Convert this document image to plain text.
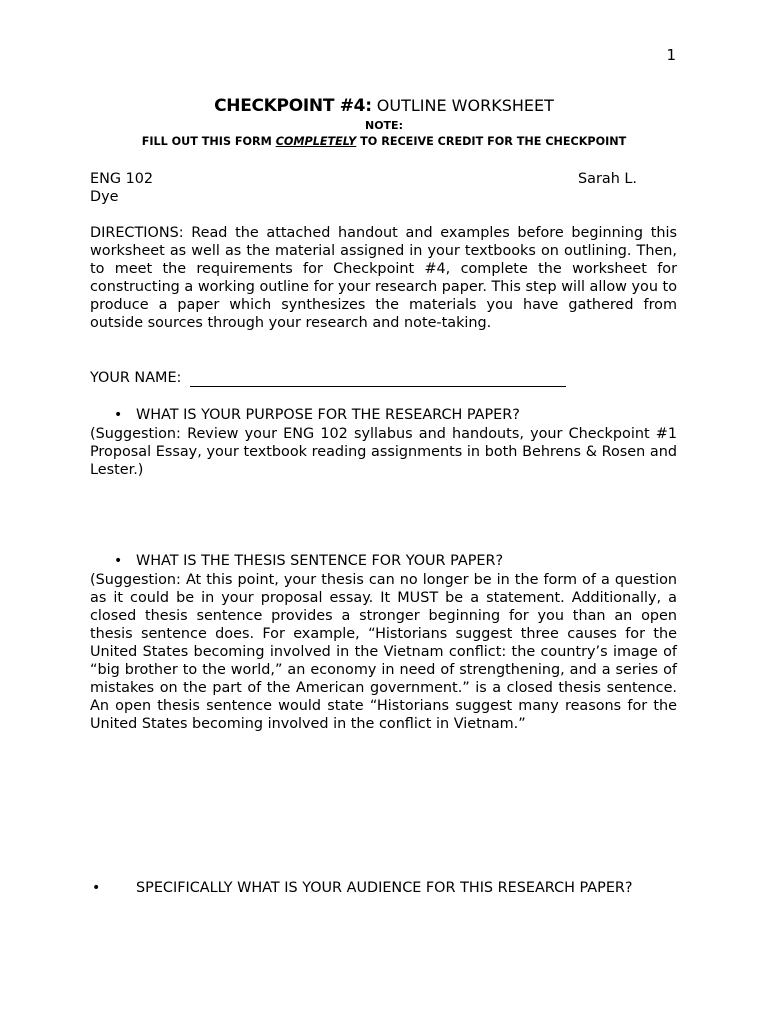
1
CHECKPOINT #4: OUTLINE WORKSHEET
NOTE:
FILL OUT THIS FORM COMPLETELY TO RECEIVE CREDIT FOR THE CHECKPOINT
ENG 102	Sarah L.
Dye
DIRECTIONS: Read the attached handout and examples before beginning this worksheet as well as the material assigned in your textbooks on outlining. Then, to meet the requirements for Checkpoint #4, complete the worksheet for constructing a working outline for your research paper. This step will allow you to produce a paper which synthesizes the materials you have gathered from outside sources through your research and note-taking.
YOUR NAME:
• WHAT IS YOUR PURPOSE FOR THE RESEARCH PAPER?
(Suggestion: Review your ENG 102 syllabus and handouts, your Checkpoint #1 Proposal Essay, your textbook reading assignments in both Behrens & Rosen and Lester.)
• WHAT IS THE THESIS SENTENCE FOR YOUR PAPER?
(Suggestion: At this point, your thesis can no longer be in the form of a question as it could be in your proposal essay. It MUST be a statement. Additionally, a closed thesis sentence provides a stronger beginning for you than an open thesis sentence does. For example, “Historians suggest three causes for the United States becoming involved in the Vietnam conflict: the country’s image of “big brother to the world,” an economy in need of strengthening, and a series of mistakes on the part of the American government.” is a closed thesis sentence. An open thesis sentence would state “Historians suggest many reasons for the United States becoming involved in the conflict in Vietnam.”
• SPECIFICALLY WHAT IS YOUR AUDIENCE FOR THIS RESEARCH PAPER?
